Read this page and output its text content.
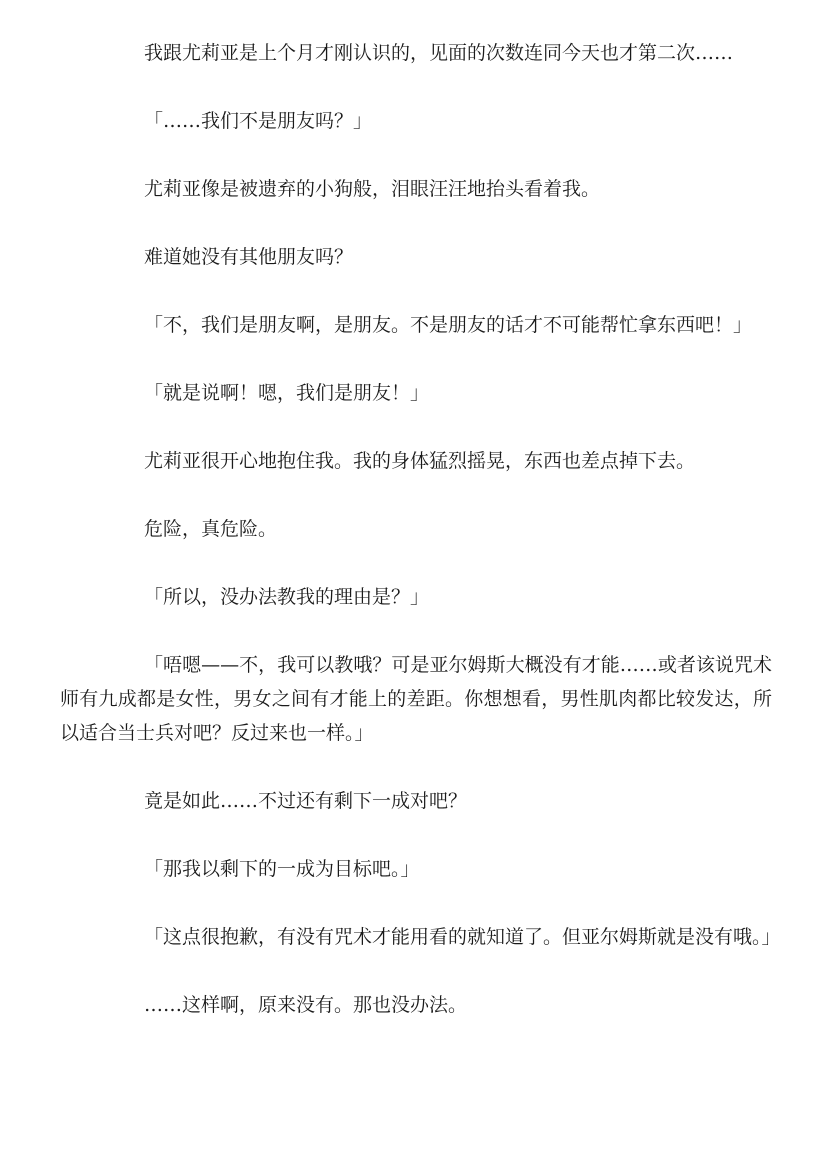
我跟尤莉亚是上个月才刚认识的，见面的次数连同今天也才第二次……

「……我们不是朋友吗？」

尤莉亚像是被遗弃的小狗般，泪眼汪汪地抬头看着我。

难道她没有其他朋友吗？

「不，我们是朋友啊，是朋友。不是朋友的话才不可能帮忙拿东西吧！」

「就是说啊！嗯，我们是朋友！」

尤莉亚很开心地抱住我。我的身体猛烈摇晃，东西也差点掉下去。

危险，真危险。

「所以，没办法教我的理由是？」

「唔嗯——不，我可以教哦？可是亚尔姆斯大概没有才能……或者该说咒术师有九成都是女性，男女之间有才能上的差距。你想想看，男性肌肉都比较发达，所以适合当士兵对吧？反过来也一样。」

竟是如此……不过还有剩下一成对吧？

「那我以剩下的一成为目标吧。」

「这点很抱歉，有没有咒术才能用看的就知道了。但亚尔姆斯就是没有哦。」

……这样啊，原来没有。那也没办法。
